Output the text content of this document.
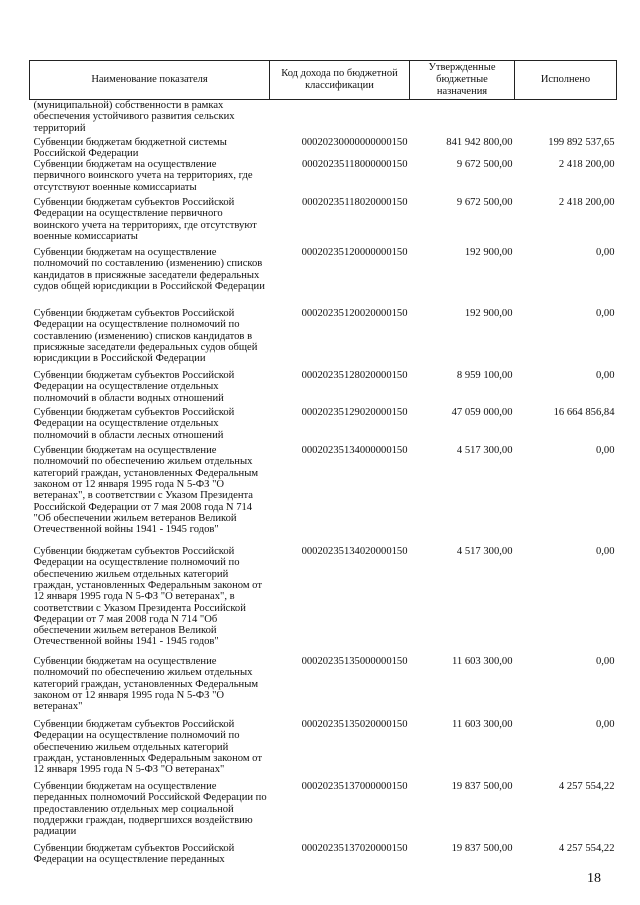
Наименование показателя	Код дохода по бюджетной классификации	Утвержденные бюджетные назначения	Исполнено
(муниципальной) собственности в рамках обеспечения устойчивого развития сельских территорий			
Субвенции бюджетам бюджетной системы Российской Федерации	00020230000000000150	841 942 800,00	199 892 537,65
Субвенции бюджетам на осуществление первичного воинского учета на территориях, где отсутствуют военные комиссариаты	00020235118000000150	9 672 500,00	2 418 200,00
Субвенции бюджетам субъектов Российской Федерации на осуществление первичного воинского учета на территориях, где отсутствуют военные комиссариаты	00020235118020000150	9 672 500,00	2 418 200,00
Субвенции бюджетам на осуществление полномочий по составлению (изменению) списков кандидатов в присяжные заседатели федеральных судов общей юрисдикции в Российской Федерации	00020235120000000150	192 900,00	0,00
Субвенции бюджетам субъектов Российской Федерации на осуществление полномочий по составлению (изменению) списков кандидатов в присяжные заседатели федеральных судов общей юрисдикции в Российской Федерации	00020235120020000150	192 900,00	0,00
Субвенции бюджетам субъектов Российской Федерации на осуществление отдельных полномочий в области водных отношений	00020235128020000150	8 959 100,00	0,00
Субвенции бюджетам субъектов Российской Федерации на осуществление отдельных полномочий в области лесных отношений	00020235129020000150	47 059 000,00	16 664 856,84
Субвенции бюджетам на осуществление полномочий по обеспечению жильем отдельных категорий граждан, установленных Федеральным законом от 12 января 1995 года N 5-ФЗ "О ветеранах", в соответствии с Указом Президента Российской Федерации от 7 мая 2008 года N 714 "Об обеспечении жильем ветеранов Великой Отечественной войны 1941 - 1945 годов"	00020235134000000150	4 517 300,00	0,00
Субвенции бюджетам субъектов Российской Федерации на осуществление полномочий по обеспечению жильем отдельных категорий граждан, установленных Федеральным законом от 12 января 1995 года N 5-ФЗ "О ветеранах", в соответствии с Указом Президента Российской Федерации от 7 мая 2008 года N 714 "Об обеспечении жильем ветеранов Великой Отечественной войны 1941 - 1945 годов"	00020235134020000150	4 517 300,00	0,00
Субвенции бюджетам на осуществление полномочий по обеспечению жильем отдельных категорий граждан, установленных Федеральным законом от 12 января 1995 года N 5-ФЗ "О ветеранах"	00020235135000000150	11 603 300,00	0,00
Субвенции бюджетам субъектов Российской Федерации на осуществление полномочий по обеспечению жильем отдельных категорий граждан, установленных Федеральным законом от 12 января 1995 года N 5-ФЗ "О ветеранах"	00020235135020000150	11 603 300,00	0,00
Субвенции бюджетам на осуществление переданных полномочий Российской Федерации по предоставлению отдельных мер социальной поддержки граждан, подвергшихся воздействию радиации	00020235137000000150	19 837 500,00	4 257 554,22
Субвенции бюджетам субъектов Российской Федерации на осуществление переданных	00020235137020000150	19 837 500,00	4 257 554,22
18
